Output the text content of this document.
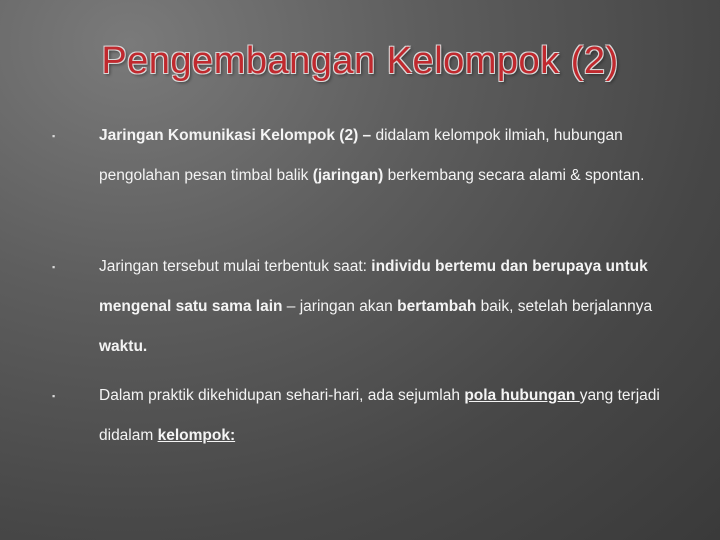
Pengembangan Kelompok (2)
▪	Jaringan Komunikasi Kelompok (2) – didalam kelompok ilmiah, hubungan pengolahan pesan timbal balik (jaringan) berkembang secara alami & spontan.
▪	Jaringan tersebut mulai terbentuk saat: individu bertemu dan berupaya untuk mengenal satu sama lain – jaringan akan bertambah baik, setelah berjalannya waktu.
▪	Dalam praktik dikehidupan sehari-hari, ada sejumlah pola hubungan yang terjadi didalam kelompok:
